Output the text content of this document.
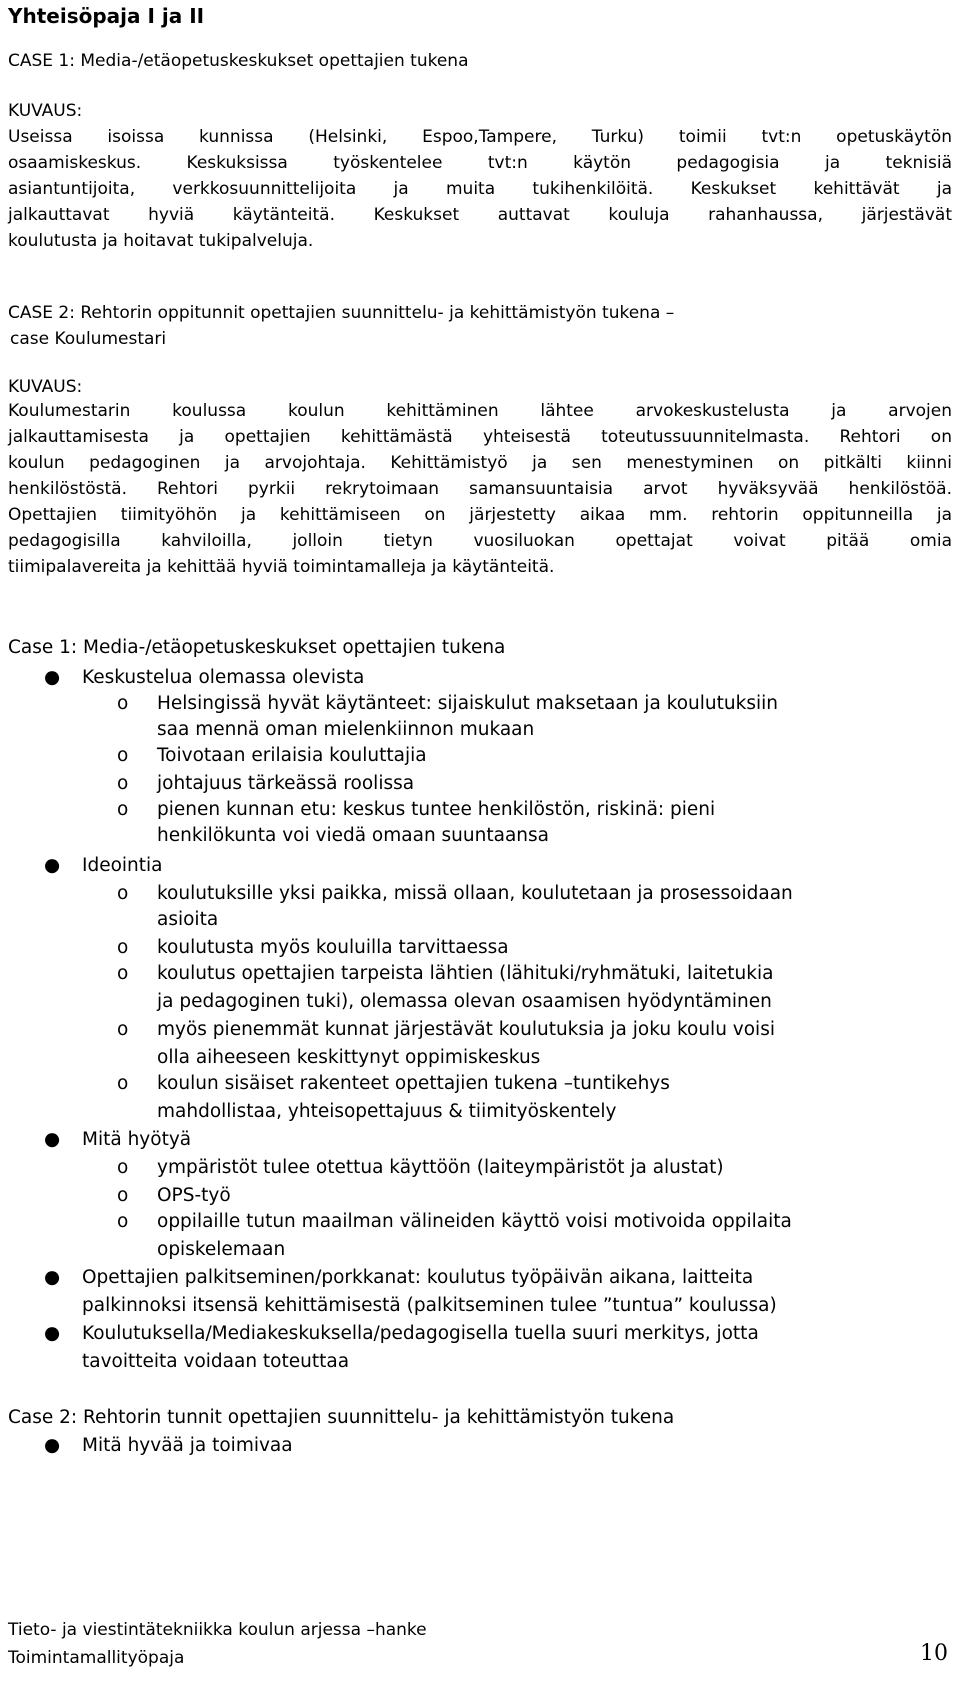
Yhteisöpaja I ja II
CASE 1: Media-/etäopetuskeskukset opettajien tukena
KUVAUS:
Useissa isoissa kunnissa (Helsinki, Espoo,Tampere, Turku) toimii tvt:n opetuskäytön
osaamiskeskus. Keskuksissa työskentelee tvt:n käytön pedagogisia ja teknisiä
asiantuntijoita, verkkosuunnittelijoita ja muita tukihenkilöitä. Keskukset kehittävät ja
jalkauttavat hyviä käytänteitä. Keskukset auttavat kouluja rahanhaussa, järjestävät
koulutusta ja hoitavat tukipalveluja.
CASE 2: Rehtorin oppitunnit opettajien suunnittelu- ja kehittämistyön tukena –
case Koulumestari
KUVAUS:
Koulumestarin koulussa koulun kehittäminen lähtee arvokeskustelusta ja arvojen
jalkauttamisesta ja opettajien kehittämästä yhteisestä toteutussuunnitelmasta. Rehtori on
koulun pedagoginen ja arvojohtaja. Kehittämistyö ja sen menestyminen on pitkälti kiinni
henkilöstöstä. Rehtori pyrkii rekrytoimaan samansuuntaisia arvot hyväksyvää henkilöstöä.
Opettajien tiimityöhön ja kehittämiseen on järjestetty aikaa mm. rehtorin oppitunneilla ja
pedagogisilla kahviloilla, jolloin tietyn vuosiluokan opettajat voivat pitää omia
tiimipalavereita ja kehittää hyviä toimintamalleja ja käytänteitä.
Case 1: Media-/etäopetuskeskukset opettajien tukena
● Keskustelua olemassa olevista
o Helsingissä hyvät käytänteet: sijaiskulut maksetaan ja koulutuksiin
saa mennä oman mielenkiinnon mukaan
o Toivotaan erilaisia kouluttajia
o johtajuus tärkeässä roolissa
o pienen kunnan etu: keskus tuntee henkilöstön, riskinä: pieni
henkilökunta voi viedä omaan suuntaansa
● Ideointia
o koulutuksille yksi paikka, missä ollaan, koulutetaan ja prosessoidaan
asioita
o koulutusta myös kouluilla tarvittaessa
o koulutus opettajien tarpeista lähtien (lähituki/ryhmätuki, laitetukia
ja pedagoginen tuki), olemassa olevan osaamisen hyödyntäminen
o myös pienemmät kunnat järjestävät koulutuksia ja joku koulu voisi
olla aiheeseen keskittynyt oppimiskeskus
o koulun sisäiset rakenteet opettajien tukena –tuntikehys
mahdollistaa, yhteisopettajuus & tiimityöskentely
● Mitä hyötyä
o ympäristöt tulee otettua käyttöön (laiteympäristöt ja alustat)
o OPS-työ
o oppilaille tutun maailman välineiden käyttö voisi motivoida oppilaita
opiskelemaan
● Opettajien palkitseminen/porkkanat: koulutus työpäivän aikana, laitteita
palkinnoksi itsensä kehittämisestä (palkitseminen tulee ”tuntua” koulussa)
● Koulutuksella/Mediakeskuksella/pedagogisella tuella suuri merkitys, jotta
tavoitteita voidaan toteuttaa
Case 2: Rehtorin tunnit opettajien suunnittelu- ja kehittämistyön tukena
● Mitä hyvää ja toimivaa
10
Tieto- ja viestintätekniikka koulun arjessa –hanke
Toimintamallityöpaja
